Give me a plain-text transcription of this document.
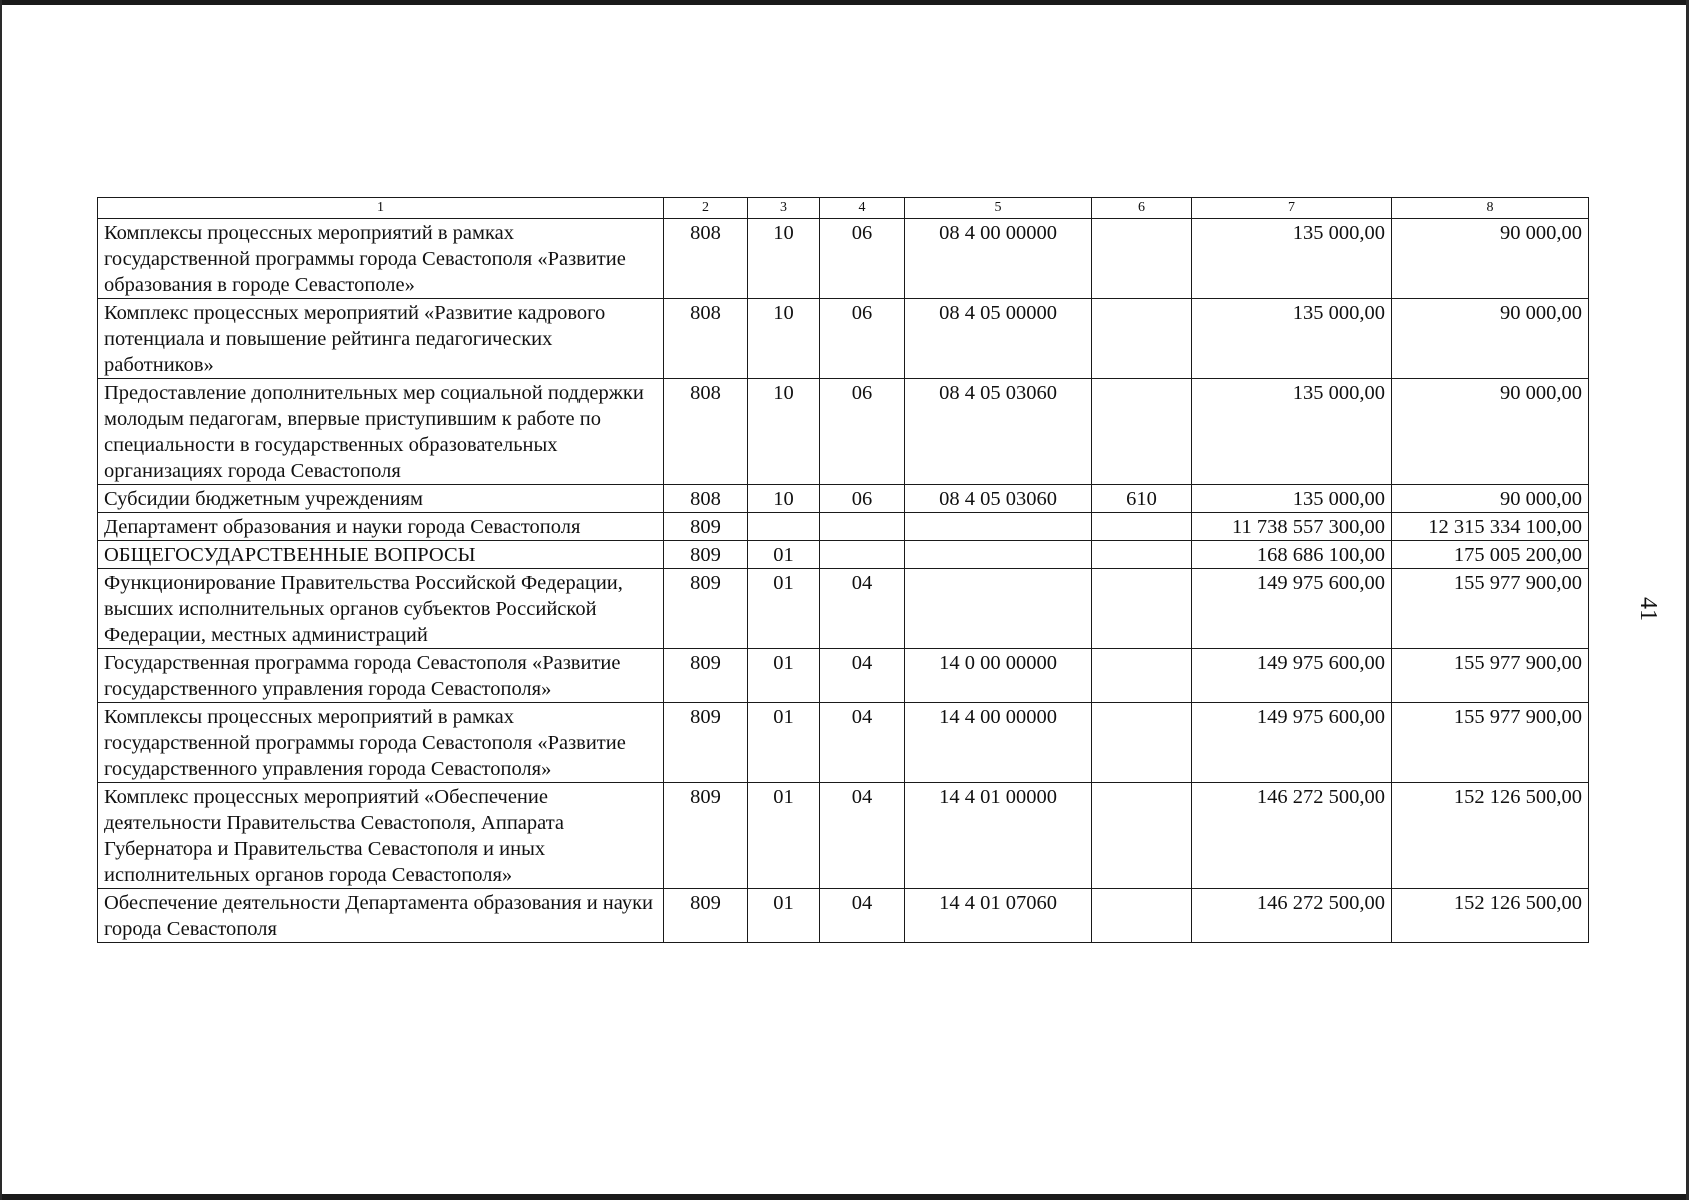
41
1	2	3	4	5	6	7	8
Комплексы процессных мероприятий в рамках государственной программы города Севастополя «Развитие образования в городе Севастополе»	808	10	06	08 4 00 00000		135 000,00	90 000,00
Комплекс процессных мероприятий «Развитие кадрового потенциала и повышение рейтинга педагогических работников»	808	10	06	08 4 05 00000		135 000,00	90 000,00
Предоставление дополнительных мер социальной поддержки молодым педагогам, впервые приступившим к работе по специальности в государственных образовательных организациях города Севастополя	808	10	06	08 4 05 03060		135 000,00	90 000,00
Субсидии бюджетным учреждениям	808	10	06	08 4 05 03060	610	135 000,00	90 000,00
Департамент образования и науки города Севастополя	809					11 738 557 300,00	12 315 334 100,00
ОБЩЕГОСУДАРСТВЕННЫЕ ВОПРОСЫ	809	01				168 686 100,00	175 005 200,00
Функционирование Правительства Российской Федерации, высших исполнительных органов субъектов Российской Федерации, местных администраций	809	01	04			149 975 600,00	155 977 900,00
Государственная программа города Севастополя «Развитие государственного управления города Севастополя»	809	01	04	14 0 00 00000		149 975 600,00	155 977 900,00
Комплексы процессных мероприятий в рамках государственной программы города Севастополя «Развитие государственного управления города Севастополя»	809	01	04	14 4 00 00000		149 975 600,00	155 977 900,00
Комплекс процессных мероприятий «Обеспечение деятельности Правительства Севастополя, Аппарата Губернатора и Правительства Севастополя и иных исполнительных органов города Севастополя»	809	01	04	14 4 01 00000		146 272 500,00	152 126 500,00
Обеспечение деятельности Департамента образования и науки города Севастополя	809	01	04	14 4 01 07060		146 272 500,00	152 126 500,00
